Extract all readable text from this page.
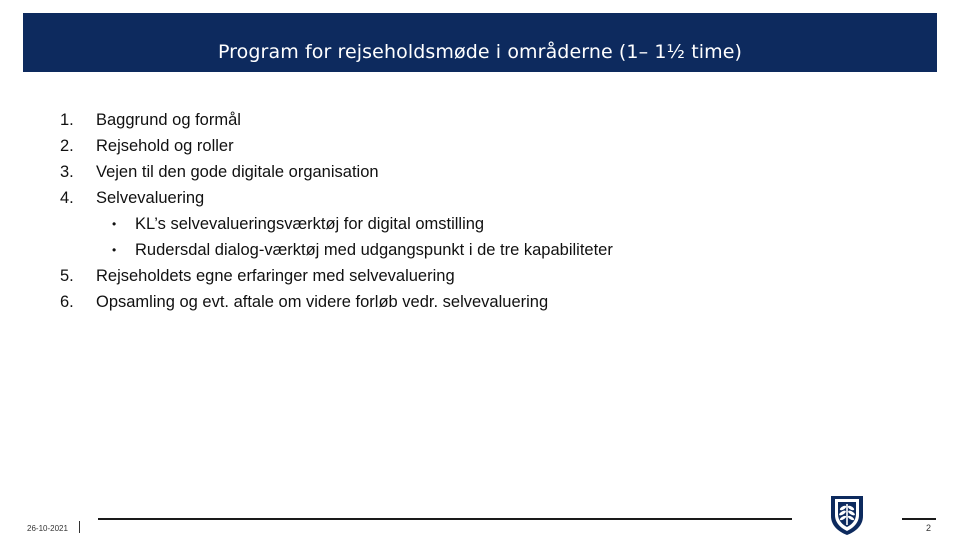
Program for rejseholdsmøde i områderne (1– 1½ time)
1.	Baggrund og formål
2.	Rejsehold og roller
3.	Vejen til den gode digitale organisation
4.	Selvevaluering
• KL’s selvevalueringsværktøj for digital omstilling
• Rudersdal dialog-værktøj med udgangspunkt i de tre kapabiliteter
5.	Rejseholdets egne erfaringer med selvevaluering
6.	Opsamling og evt. aftale om videre forløb vedr. selvevaluering
26-10-2021	2
